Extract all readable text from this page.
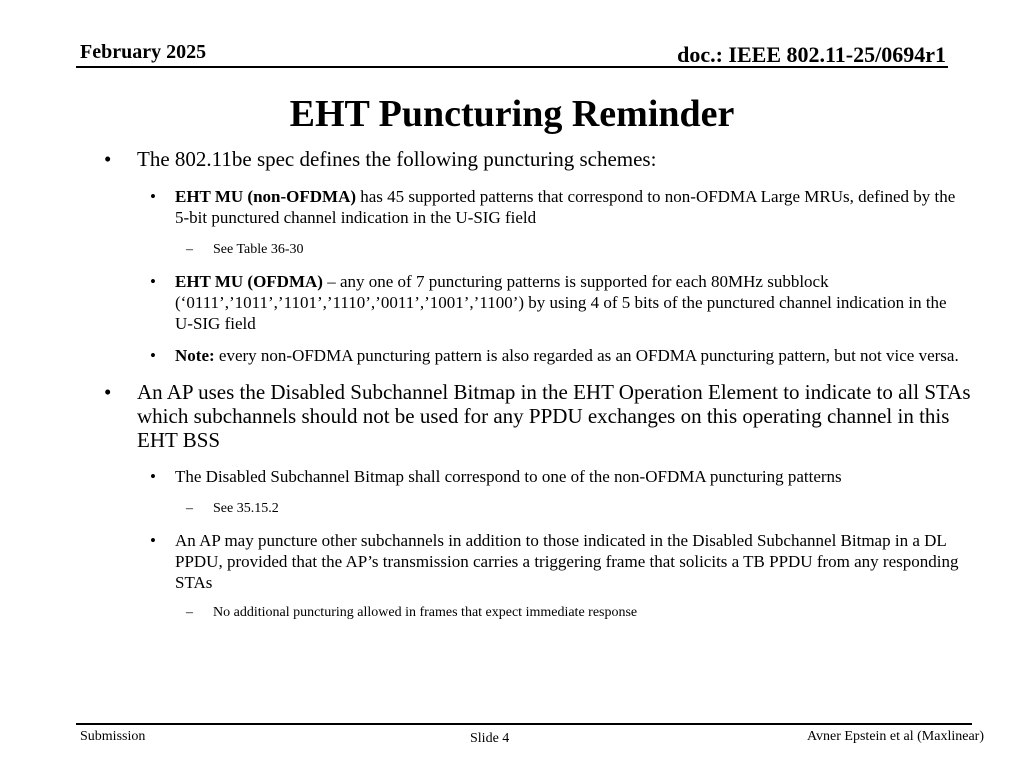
February 2025	doc.: IEEE 802.11-25/0694r1
EHT Puncturing Reminder
• The 802.11be spec defines the following puncturing schemes:
• EHT MU (non-OFDMA) has 45 supported patterns that correspond to non-OFDMA Large MRUs, defined by the 5-bit punctured channel indication in the U-SIG field
– See Table 36-30
• EHT MU (OFDMA) – any one of 7 puncturing patterns is supported for each 80MHz subblock (‘0111’,’1011’,’1101’,’1110’,’0011’,’1001’,’1100’) by using 4 of 5 bits of the punctured channel indication in the U-SIG field
• Note: every non-OFDMA puncturing pattern is also regarded as an OFDMA puncturing pattern, but not vice versa.
• An AP uses the Disabled Subchannel Bitmap in the EHT Operation Element to indicate to all STAs which subchannels should not be used for any PPDU exchanges on this operating channel in this EHT BSS
• The Disabled Subchannel Bitmap shall correspond to one of the non-OFDMA puncturing patterns
– See 35.15.2
• An AP may puncture other subchannels in addition to those indicated in the Disabled Subchannel Bitmap in a DL PPDU, provided that the AP’s transmission carries a triggering frame that solicits a TB PPDU from any responding STAs
– No additional puncturing allowed in frames that expect immediate response
Submission	Slide 4	Avner Epstein et al (Maxlinear)
